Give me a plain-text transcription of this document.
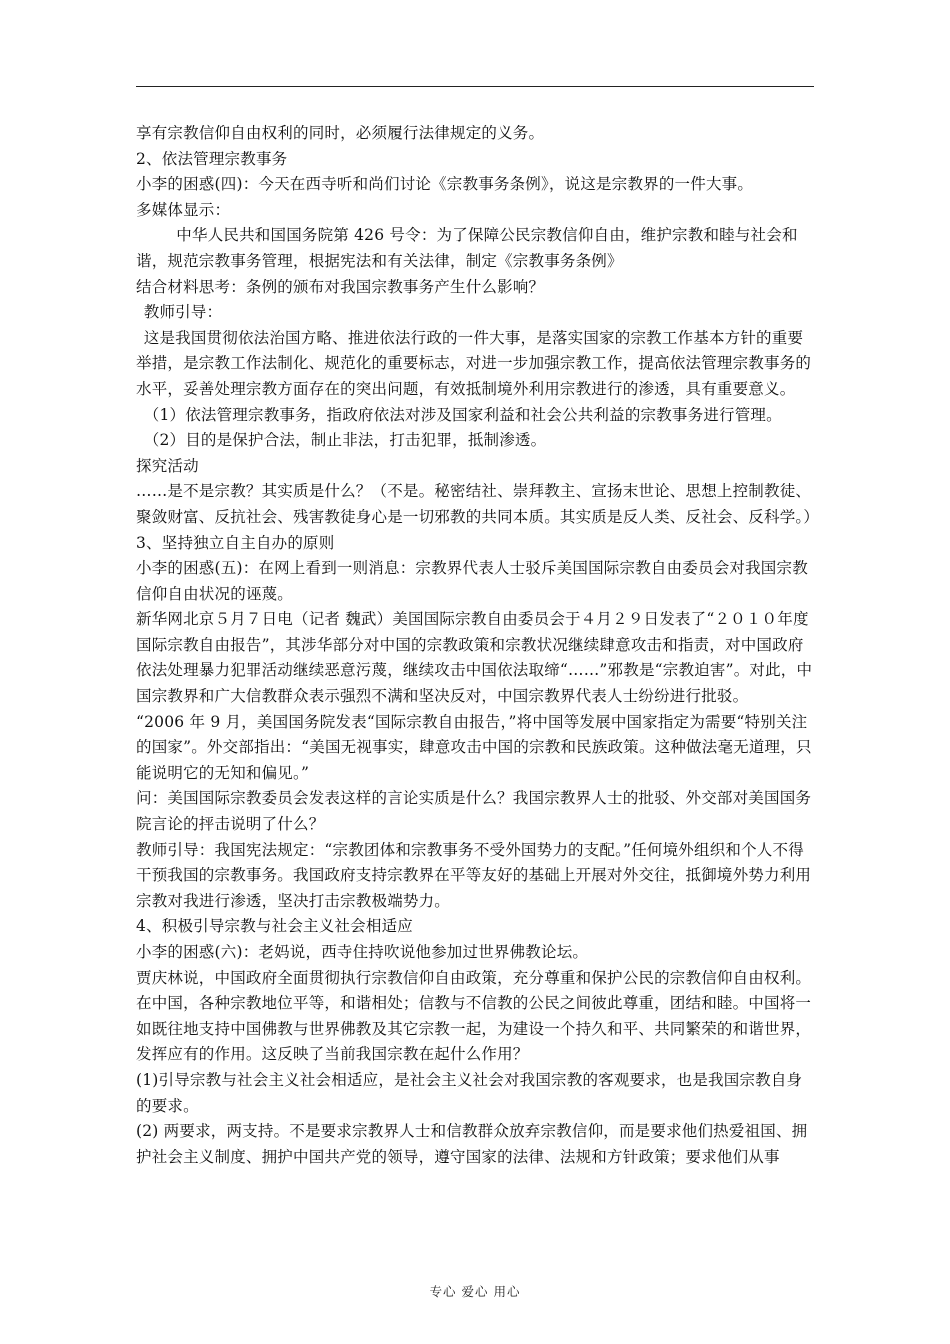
享有宗教信仰自由权利的同时，必须履行法律规定的义务。

2、依法管理宗教事务

小李的困惑(四)：今天在西寺听和尚们讨论《宗教事务条例》，说这是宗教界的一件大事。

多媒体显示：

中华人民共和国国务院第 426 号令：为了保障公民宗教信仰自由，维护宗教和睦与社会和谐，规范宗教事务管理，根据宪法和有关法律，制定《宗教事务条例》

结合材料思考：条例的颁布对我国宗教事务产生什么影响？

教师引导：

这是我国贯彻依法治国方略、推进依法行政的一件大事，是落实国家的宗教工作基本方针的重要举措，是宗教工作法制化、规范化的重要标志，对进一步加强宗教工作，提高依法管理宗教事务的水平，妥善处理宗教方面存在的突出问题，有效抵制境外利用宗教进行的渗透，具有重要意义。

（1）依法管理宗教事务，指政府依法对涉及国家利益和社会公共利益的宗教事务进行管理。

（2）目的是保护合法，制止非法，打击犯罪，抵制渗透。

探究活动

……是不是宗教？其实质是什么？（不是。秘密结社、崇拜教主、宣扬末世论、思想上控制教徒、聚敛财富、反抗社会、残害教徒身心是一切邪教的共同本质。其实质是反人类、反社会、反科学。）

3、坚持独立自主自办的原则

小李的困惑(五)：在网上看到一则消息：宗教界代表人士驳斥美国国际宗教自由委员会对我国宗教信仰自由状况的诬蔑。

新华网北京５月７日电（记者 魏武）美国国际宗教自由委员会于４月２９日发表了“２０１０年度国际宗教自由报告”，其涉华部分对中国的宗教政策和宗教状况继续肆意攻击和指责，对中国政府依法处理暴力犯罪活动继续恶意污蔑，继续攻击中国依法取缔“……”邪教是“宗教迫害”。对此，中国宗教界和广大信教群众表示强烈不满和坚决反对，中国宗教界代表人士纷纷进行批驳。

“2006 年 9 月，美国国务院发表“国际宗教自由报告，”将中国等发展中国家指定为需要“特别关注的国家”。外交部指出：“美国无视事实，肆意攻击中国的宗教和民族政策。这种做法毫无道理，只能说明它的无知和偏见。”

问：美国国际宗教委员会发表这样的言论实质是什么？我国宗教界人士的批驳、外交部对美国国务院言论的抨击说明了什么？

教师引导：我国宪法规定：“宗教团体和宗教事务不受外国势力的支配。”任何境外组织和个人不得干预我国的宗教事务。我国政府支持宗教界在平等友好的基础上开展对外交往，抵御境外势力利用宗教对我进行渗透，坚决打击宗教极端势力。

4、积极引导宗教与社会主义社会相适应

小李的困惑(六)：老妈说，西寺住持吹说他参加过世界佛教论坛。

贾庆林说，中国政府全面贯彻执行宗教信仰自由政策，充分尊重和保护公民的宗教信仰自由权利。在中国，各种宗教地位平等，和谐相处；信教与不信教的公民之间彼此尊重，团结和睦。中国将一如既往地支持中国佛教与世界佛教及其它宗教一起，为建设一个持久和平、共同繁荣的和谐世界，发挥应有的作用。这反映了当前我国宗教在起什么作用？

(1)引导宗教与社会主义社会相适应，是社会主义社会对我国宗教的客观要求，也是我国宗教自身的要求。

(2) 两要求，两支持。不是要求宗教界人士和信教群众放弃宗教信仰，而是要求他们热爱祖国、拥护社会主义制度、拥护中国共产党的领导，遵守国家的法律、法规和方针政策；要求他们从事

专心 爱心 用心
